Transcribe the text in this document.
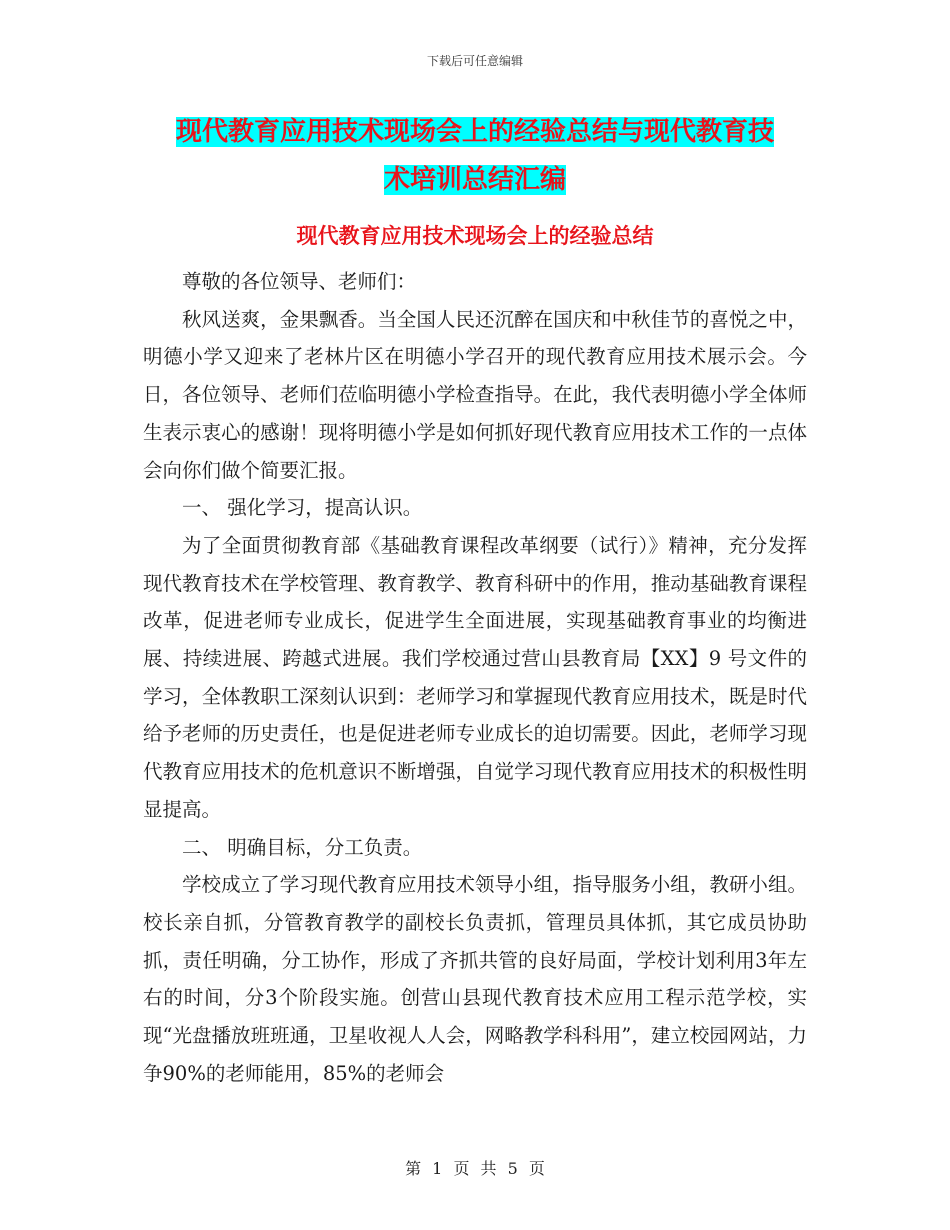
下载后可任意编辑
现代教育应用技术现场会上的经验总结与现代教育技
术培训总结汇编
现代教育应用技术现场会上的经验总结

尊敬的各位领导、老师们：

秋风送爽，金果飘香。当全国人民还沉醉在国庆和中秋佳节的喜悦之中，明德小学又迎来了老林片区在明德小学召开的现代教育应用技术展示会。今日，各位领导、老师们莅临明德小学检查指导。在此，我代表明德小学全体师生表示衷心的感谢！现将明德小学是如何抓好现代教育应用技术工作的一点体会向你们做个简要汇报。

一、 强化学习，提高认识。

为了全面贯彻教育部《基础教育课程改革纲要（试行）》精神，充分发挥现代教育技术在学校管理、教育教学、教育科研中的作用，推动基础教育课程改革，促进老师专业成长，促进学生全面进展，实现基础教育事业的均衡进展、持续进展、跨越式进展。我们学校通过营山县教育局【XX】9 号文件的学习，全体教职工深刻认识到：老师学习和掌握现代教育应用技术，既是时代给予老师的历史责任，也是促进老师专业成长的迫切需要。因此，老师学习现代教育应用技术的危机意识不断增强，自觉学习现代教育应用技术的积极性明显提高。

二、 明确目标，分工负责。

学校成立了学习现代教育应用技术领导小组，指导服务小组，教研小组。校长亲自抓，分管教育教学的副校长负责抓，管理员具体抓，其它成员协助抓，责任明确，分工协作，形成了齐抓共管的良好局面，学校计划利用3年左右的时间，分3个阶段实施。创营山县现代教育技术应用工程示范学校，实现“光盘播放班班通，卫星收视人人会，网略教学科科用”，建立校园网站，力争90%的老师能用，85%的老师会

第 1 页 共 5 页
